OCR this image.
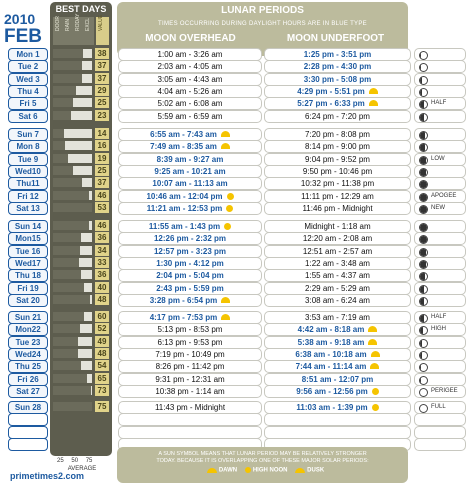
2010
FEB
BEST DAYS
DOOR RAIN RODAY EXCL	VALUE
LUNAR PERIODS
TIMES OCCURRING DURING DAYLIGHT HOURS ARE IN BLUE TYPE
MOON OVERHEAD	MOON UNDERFOOT
Mon 1	38	1:00 am - 3:26 am	1:25 pm - 3:51 pm
Tue 2	37	2:03 am - 4:05 am	2:28 pm - 4:30 pm
Wed 3	37	3:05 am - 4:43 am	3:30 pm - 5:08 pm
Thu 4	29	4:04 am - 5:26 am	4:29 pm - 5:51 pm
Fri 5	25	5:02 am - 6:08 am	5:27 pm - 6:33 pm	HALF
Sat 6	23	5:59 am - 6:59 am	6:24 pm - 7:20 pm
Sun 7	14	6:55 am - 7:43 am	7:20 pm - 8:08 pm
Mon 8	16	7:49 am - 8:35 am	8:14 pm - 9:00 pm
Tue 9	19	8:39 am - 9:27 am	9:04 pm - 9:52 pm	LOW
Wed10	25	9:25 am - 10:21 am	9:50 pm - 10:46 pm
Thu11	37	10:07 am - 11:13 am	10:32 pm - 11:38 pm
Fri 12	46	10:46 am - 12:04 pm	11:11 pm - 12:29 am	APOGEE
Sat 13	53	11:21 am - 12:53 pm	11:46 pm - Midnight	NEW
Sun 14	46	11:55 am - 1:43 pm	Midnight - 1:18 am
Mon15	36	12:26 pm - 2:32 pm	12:20 am - 2:08 am
Tue 16	34	12:57 pm - 3:23 pm	12:51 am - 2:57 am
Wed17	33	1:30 pm - 4:12 pm	1:22 am - 3:48 am
Thu 18	36	2:04 pm - 5:04 pm	1:55 am - 4:37 am
Fri 19	40	2:43 pm - 5:59 pm	2:29 am - 5:29 am
Sat 20	48	3:28 pm - 6:54 pm	3:08 am - 6:24 am
Sun 21	60	4:17 pm - 7:53 pm	3:53 am - 7:19 am	HALF
Mon22	52	5:13 pm - 8:53 pm	4:42 am - 8:18 am	HIGH
Tue 23	49	6:13 pm - 9:53 pm	5:38 am - 9:18 am
Wed24	48	7:19 pm - 10:49 pm	6:38 am - 10:18 am
Thu 25	54	8:26 pm - 11:42 pm	7:44 am - 11:14 am
Fri 26	65	9:31 pm - 12:31 am	8:51 am - 12:07 pm
Sat 27	73	10:38 pm - 1:14 am	9:56 am - 12:56 pm	PERIGEE
Sun 28	75	11:43 pm - Midnight	11:03 am - 1:39 pm	FULL
25 50 75
AVERAGE
primetimes2.com
A SUN SYMBOL MEANS THAT LUNAR PERIOD MAY BE RELATIVELY STRONGER
TODAY. BECAUSE IT IS OVERLAPPING ONE OF THESE MAJOR SOLAR PERIODS:
DAWN	HIGH NOON	DUSK
